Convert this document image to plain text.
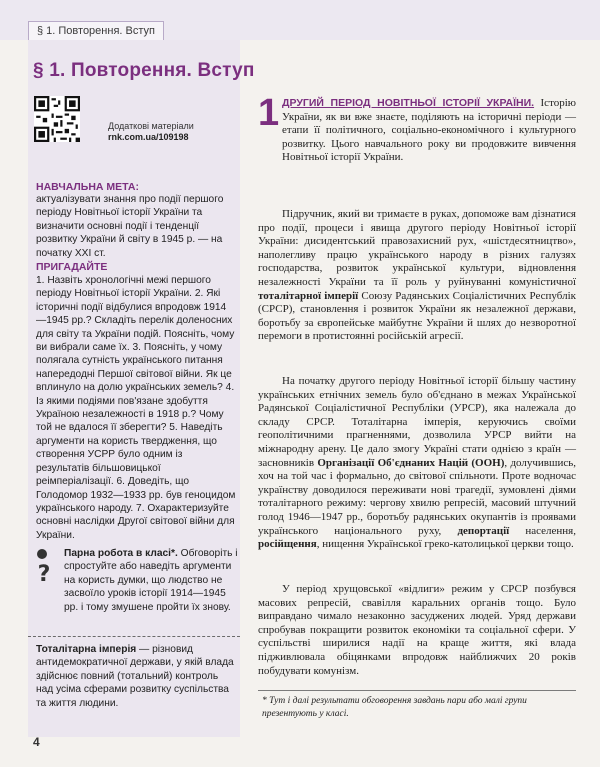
§ 1. Повторення. Вступ
§ 1. Повторення. Вступ
Додаткові матеріали
rnk.com.ua/109198
НАВЧАЛЬНА МЕТА:
актуалізувати знання про події першого періоду Новітньої історії України та визначити основні події і тенденції розвитку України й світу в 1945 р. — на початку XXI ст.
ПРИГАДАЙТЕ
1. Назвіть хронологічні межі першого періоду Новітньої історії України. 2. Які історичні події відбулися впродовж 1914—1945 рр.? Складіть перелік доленосних для світу та України подій. Поясніть, чому ви вибрали саме їх. 3. Поясніть, у чому полягала сутність українського питання напередодні Першої світової війни. Як це вплинуло на долю українських земель? 4. Із якими подіями пов'язане здобуття Україною незалежності в 1918 р.? Чому той не вдалося її зберегти? 5. Наведіть аргументи на користь твердження, що створення УСРР було одним із результатів більшовицької реімперіалізації. 6. Доведіть, що Голодомор 1932—1933 рр. був геноцидом українського народу. 7. Охарактеризуйте основні наслідки Другої світової війни для України.
?
Парна робота в класі*. Обговоріть і спростуйте або наведіть аргументи на користь думки, що людство не засвоїло уроків історії 1914—1945 рр. і тому змушене пройти їх знову.
Тоталітарна імперія — різновид антидемократичної держави, у якій влада здійснює повний (тотальний) контроль над усіма сферами розвитку суспільства та життя людини.
4
1 ДРУГИЙ ПЕРІОД НОВІТНЬОЇ ІСТОРІЇ УКРАЇНИ. Історію України, як ви вже знаєте, поділяють на історичні періоди — етапи її політичного, соціально-економічного і культурного розвитку. Цього навчального року ви продовжите вивчення Новітньої історії України.
Підручник, який ви тримаєте в руках, допоможе вам дізнатися про події, процеси і явища другого періоду Новітньої історії України: дисидентський правозахисний рух, «шістдесятництво», наполегливу працю українського народу в різних галузях господарства, розвиток української культури, відновлення незалежності України та її роль у руйнуванні комуністичної тоталітарної імперії Союзу Радянських Соціалістичних Республік (СРСР), становлення і розвиток України як незалежної держави, боротьбу за європейське майбутнє України й шлях до незворотної перемоги в протистоянні російській агресії.
На початку другого періоду Новітньої історії більшу частину українських етнічних земель було об'єднано в межах Української Радянської Соціалістичної Республіки (УРСР), яка належала до складу СРСР. Тоталітарна імперія, керуючись своїми геополітичними прагненнями, дозволила УРСР вийти на міжнародну арену. Це дало змогу Україні стати однією з країн — засновників Організації Об'єднаних Націй (ООН), долучившись, хоч на той час і формально, до світової спільноти. Проте водночас українству доводилося переживати нові трагедії, зумовлені діями тоталітарного режиму: чергову хвилю репресій, масовий штучний голод 1946—1947 рр., боротьбу радянських окупантів із проявами українського національного руху, депортації населення, російщення, нищення Української греко-католицької церкви тощо.
У період хрущовської «відлиги» режим у СРСР позбувся масових репресій, свавілля каральних органів тощо. Було виправдано чимало незаконно засуджених людей. Уряд держави спробував покращити розвиток економіки та соціальної сфери. У суспільстві ширилися надії на краще життя, які влада підживлювала обіцянками впродовж найближчих 20 років побудувати комунізм.
* Тут і далі результати обговорення завдань пари або малі групи презентують у класі.
